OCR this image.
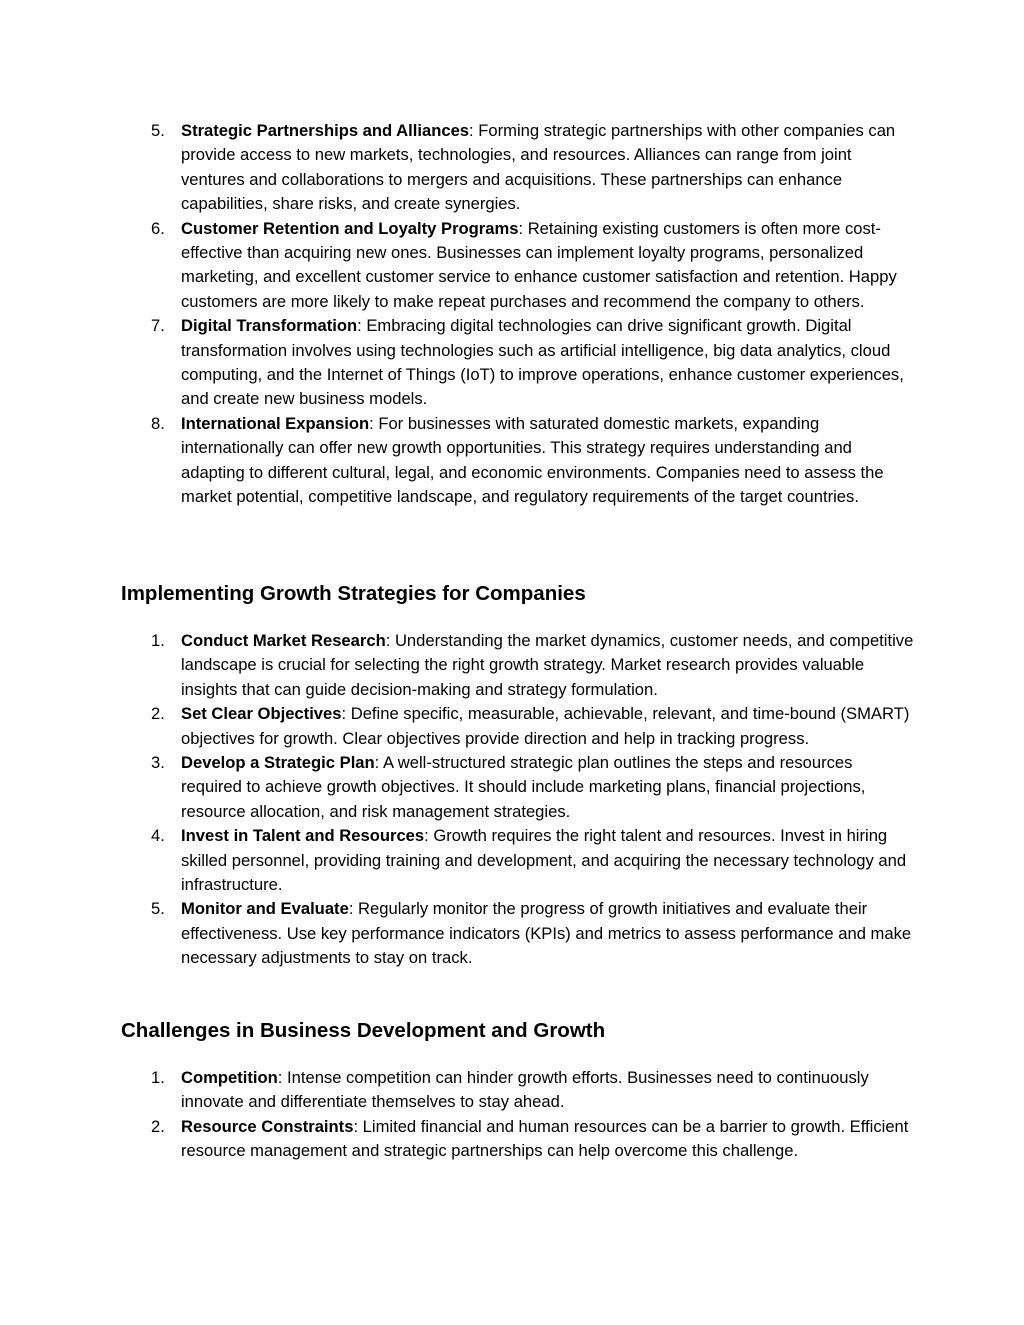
5. Strategic Partnerships and Alliances: Forming strategic partnerships with other companies can provide access to new markets, technologies, and resources. Alliances can range from joint ventures and collaborations to mergers and acquisitions. These partnerships can enhance capabilities, share risks, and create synergies.
6. Customer Retention and Loyalty Programs: Retaining existing customers is often more cost-effective than acquiring new ones. Businesses can implement loyalty programs, personalized marketing, and excellent customer service to enhance customer satisfaction and retention. Happy customers are more likely to make repeat purchases and recommend the company to others.
7. Digital Transformation: Embracing digital technologies can drive significant growth. Digital transformation involves using technologies such as artificial intelligence, big data analytics, cloud computing, and the Internet of Things (IoT) to improve operations, enhance customer experiences, and create new business models.
8. International Expansion: For businesses with saturated domestic markets, expanding internationally can offer new growth opportunities. This strategy requires understanding and adapting to different cultural, legal, and economic environments. Companies need to assess the market potential, competitive landscape, and regulatory requirements of the target countries.
Implementing Growth Strategies for Companies
1. Conduct Market Research: Understanding the market dynamics, customer needs, and competitive landscape is crucial for selecting the right growth strategy. Market research provides valuable insights that can guide decision-making and strategy formulation.
2. Set Clear Objectives: Define specific, measurable, achievable, relevant, and time-bound (SMART) objectives for growth. Clear objectives provide direction and help in tracking progress.
3. Develop a Strategic Plan: A well-structured strategic plan outlines the steps and resources required to achieve growth objectives. It should include marketing plans, financial projections, resource allocation, and risk management strategies.
4. Invest in Talent and Resources: Growth requires the right talent and resources. Invest in hiring skilled personnel, providing training and development, and acquiring the necessary technology and infrastructure.
5. Monitor and Evaluate: Regularly monitor the progress of growth initiatives and evaluate their effectiveness. Use key performance indicators (KPIs) and metrics to assess performance and make necessary adjustments to stay on track.
Challenges in Business Development and Growth
1. Competition: Intense competition can hinder growth efforts. Businesses need to continuously innovate and differentiate themselves to stay ahead.
2. Resource Constraints: Limited financial and human resources can be a barrier to growth. Efficient resource management and strategic partnerships can help overcome this challenge.
